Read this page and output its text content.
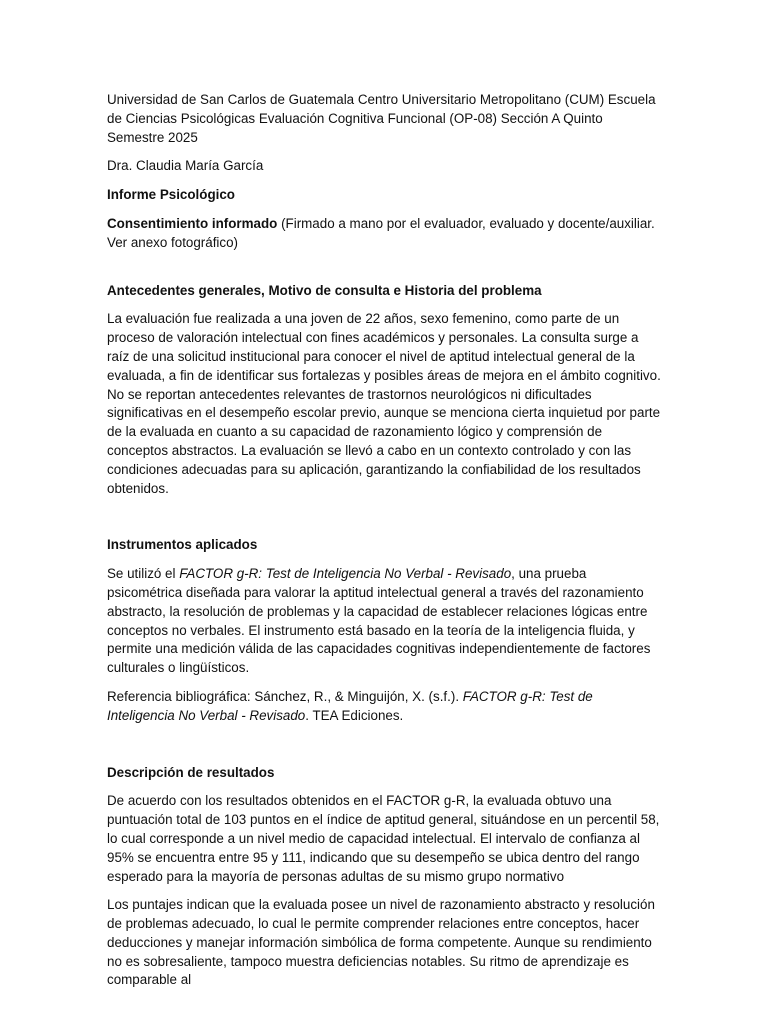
Universidad de San Carlos de Guatemala Centro Universitario Metropolitano (CUM) Escuela de Ciencias Psicológicas Evaluación Cognitiva Funcional (OP-08) Sección A Quinto Semestre 2025

Dra. Claudia María García

Informe Psicológico

Consentimiento informado (Firmado a mano por el evaluador, evaluado y docente/auxiliar. Ver anexo fotográfico)

Antecedentes generales, Motivo de consulta e Historia del problema

La evaluación fue realizada a una joven de 22 años, sexo femenino, como parte de un proceso de valoración intelectual con fines académicos y personales. La consulta surge a raíz de una solicitud institucional para conocer el nivel de aptitud intelectual general de la evaluada, a fin de identificar sus fortalezas y posibles áreas de mejora en el ámbito cognitivo. No se reportan antecedentes relevantes de trastornos neurológicos ni dificultades significativas en el desempeño escolar previo, aunque se menciona cierta inquietud por parte de la evaluada en cuanto a su capacidad de razonamiento lógico y comprensión de conceptos abstractos. La evaluación se llevó a cabo en un contexto controlado y con las condiciones adecuadas para su aplicación, garantizando la confiabilidad de los resultados obtenidos.

Instrumentos aplicados

Se utilizó el FACTOR g-R: Test de Inteligencia No Verbal - Revisado, una prueba psicométrica diseñada para valorar la aptitud intelectual general a través del razonamiento abstracto, la resolución de problemas y la capacidad de establecer relaciones lógicas entre conceptos no verbales. El instrumento está basado en la teoría de la inteligencia fluida, y permite una medición válida de las capacidades cognitivas independientemente de factores culturales o lingüísticos.

Referencia bibliográfica: Sánchez, R., & Minguijón, X. (s.f.). FACTOR g-R: Test de Inteligencia No Verbal - Revisado. TEA Ediciones.

Descripción de resultados

De acuerdo con los resultados obtenidos en el FACTOR g-R, la evaluada obtuvo una puntuación total de 103 puntos en el índice de aptitud general, situándose en un percentil 58, lo cual corresponde a un nivel medio de capacidad intelectual. El intervalo de confianza al 95% se encuentra entre 95 y 111, indicando que su desempeño se ubica dentro del rango esperado para la mayoría de personas adultas de su mismo grupo normativo

Los puntajes indican que la evaluada posee un nivel de razonamiento abstracto y resolución de problemas adecuado, lo cual le permite comprender relaciones entre conceptos, hacer deducciones y manejar información simbólica de forma competente. Aunque su rendimiento no es sobresaliente, tampoco muestra deficiencias notables. Su ritmo de aprendizaje es comparable al
